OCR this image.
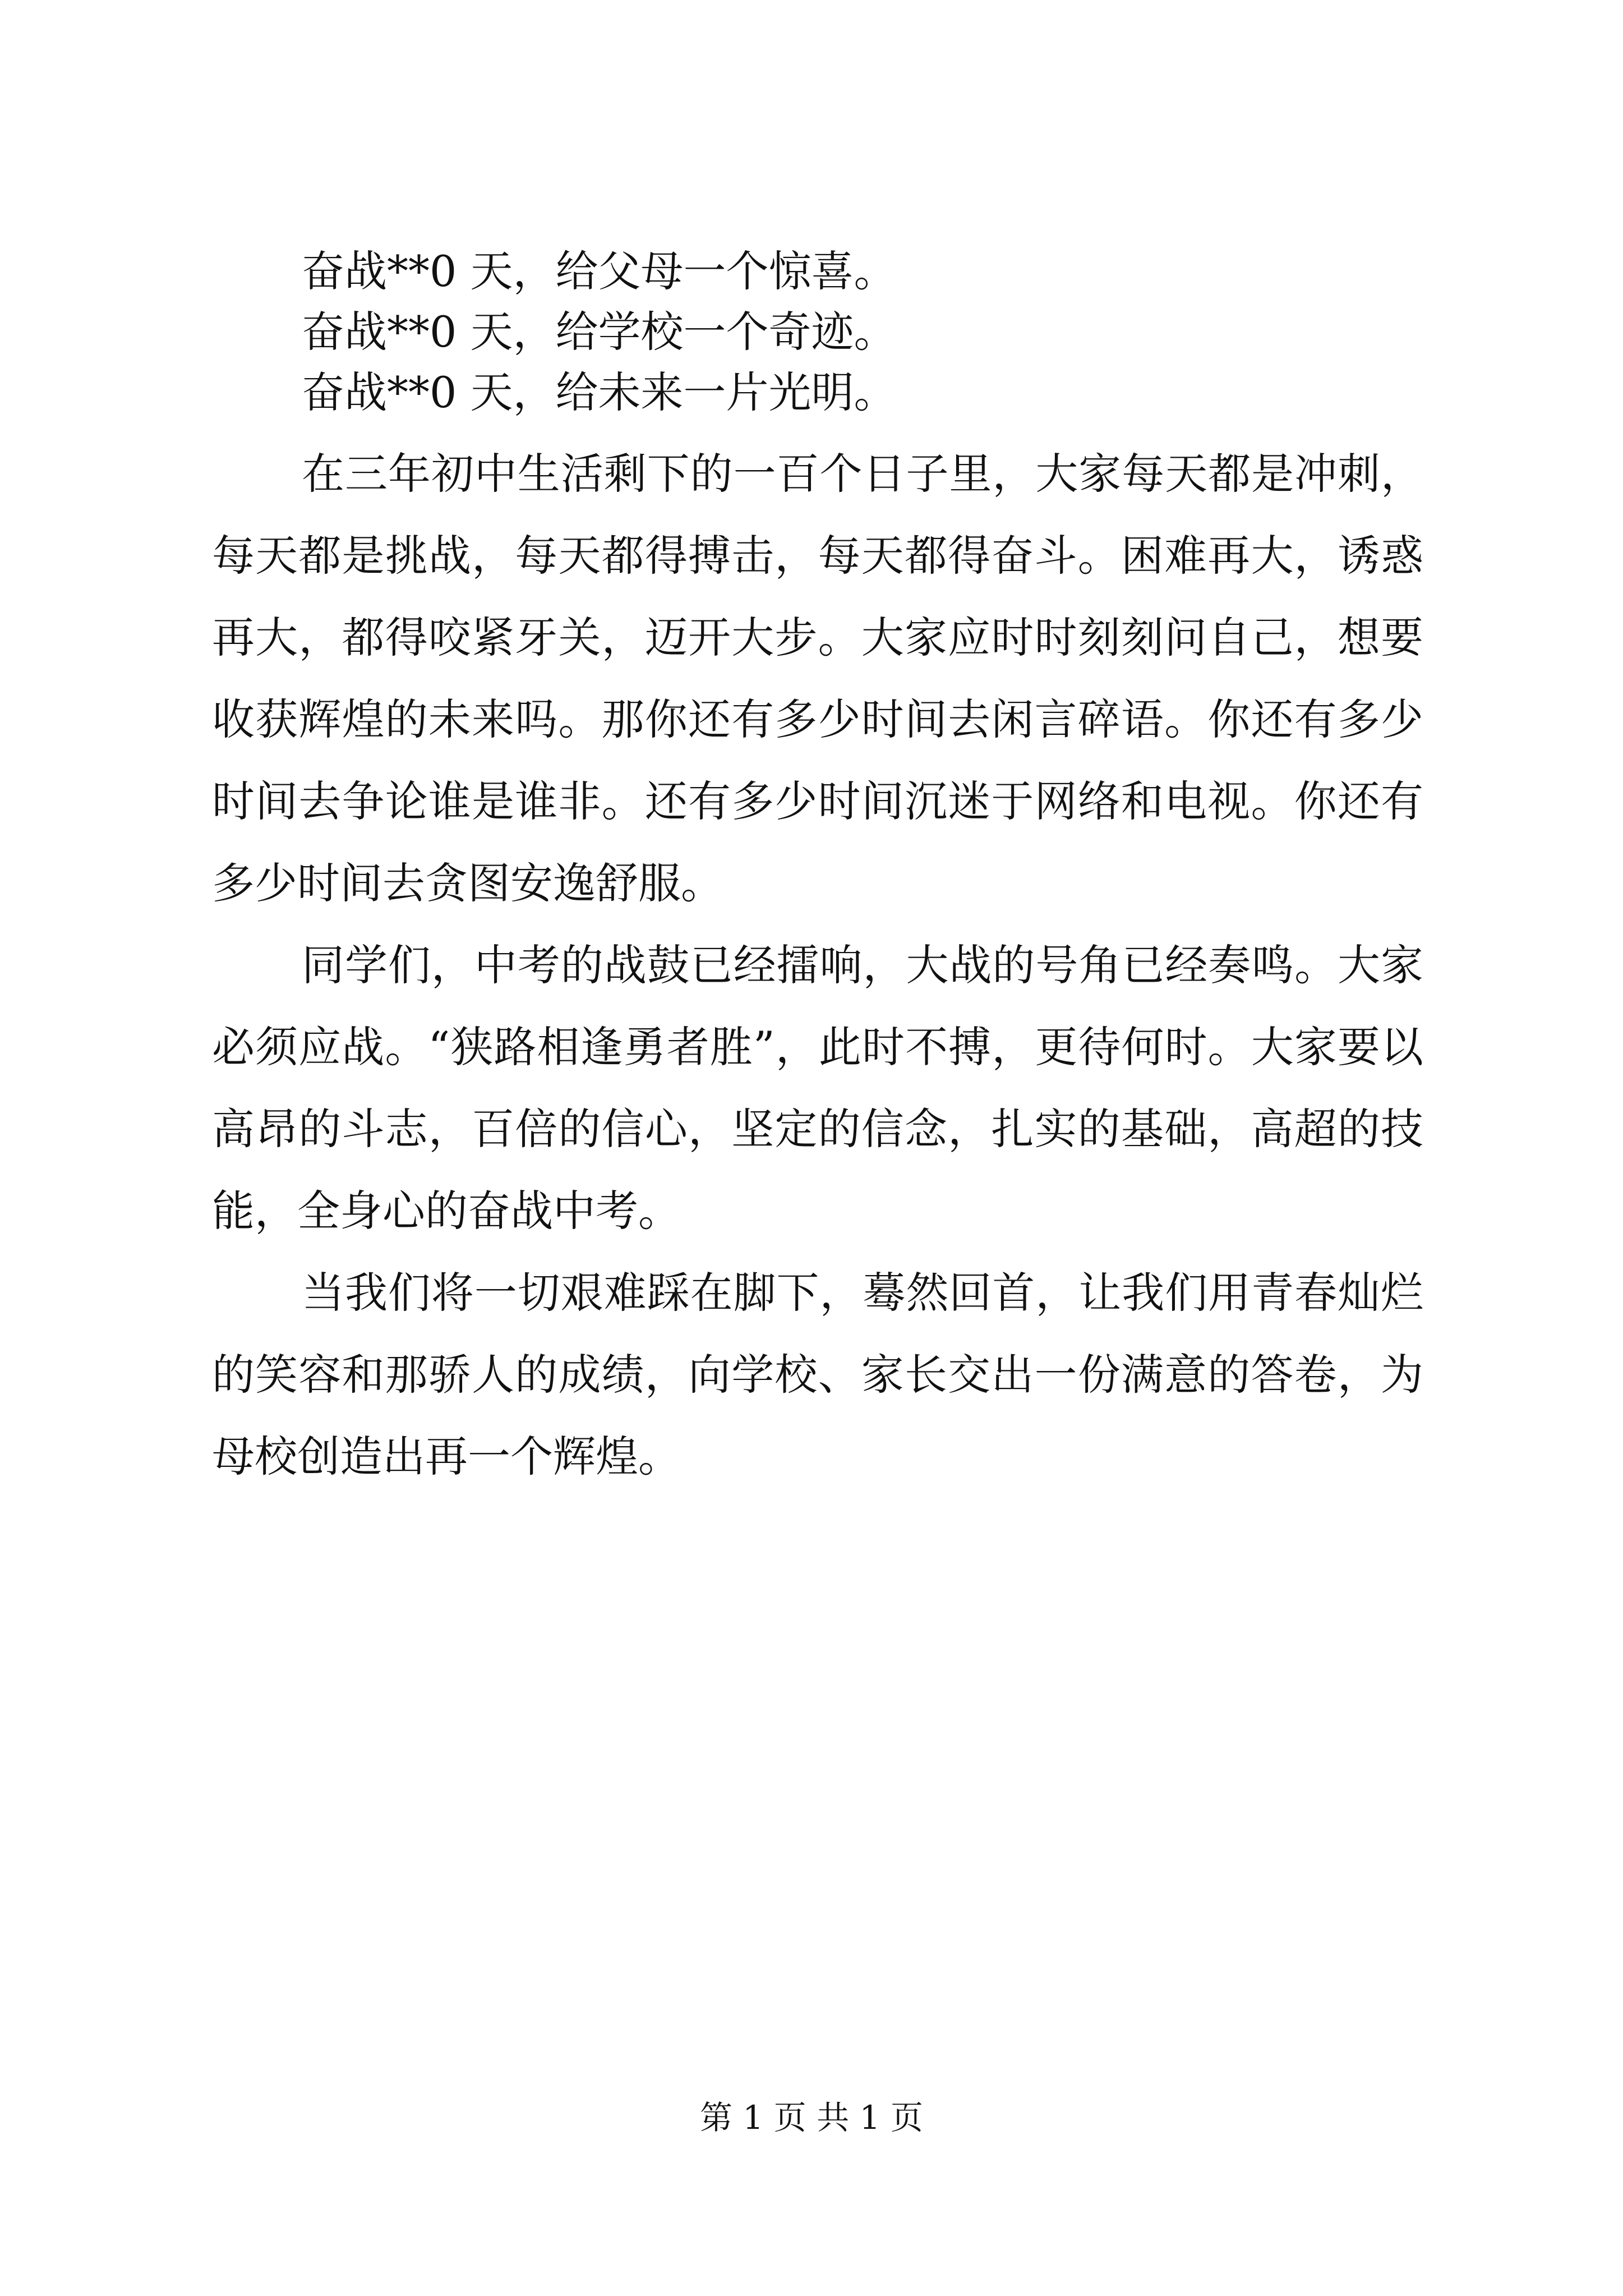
奋战**0 天，给父母一个惊喜。

奋战**0 天，给学校一个奇迹。

奋战**0 天，给未来一片光明。

在三年初中生活剩下的一百个日子里，大家每天都是冲刺，每天都是挑战，每天都得搏击，每天都得奋斗。困难再大，诱惑再大，都得咬紧牙关，迈开大步。大家应时时刻刻问自己，想要收获辉煌的未来吗。那你还有多少时间去闲言碎语。你还有多少时间去争论谁是谁非。还有多少时间沉迷于网络和电视。你还有多少时间去贪图安逸舒服。

同学们，中考的战鼓已经擂响，大战的号角已经奏鸣。大家必须应战。“狭路相逢勇者胜”，此时不搏，更待何时。大家要以高昂的斗志，百倍的信心，坚定的信念，扎实的基础，高超的技能，全身心的奋战中考。

当我们将一切艰难踩在脚下，蓦然回首，让我们用青春灿烂的笑容和那骄人的成绩，向学校、家长交出一份满意的答卷，为母校创造出再一个辉煌。

第 1 页 共 1 页
